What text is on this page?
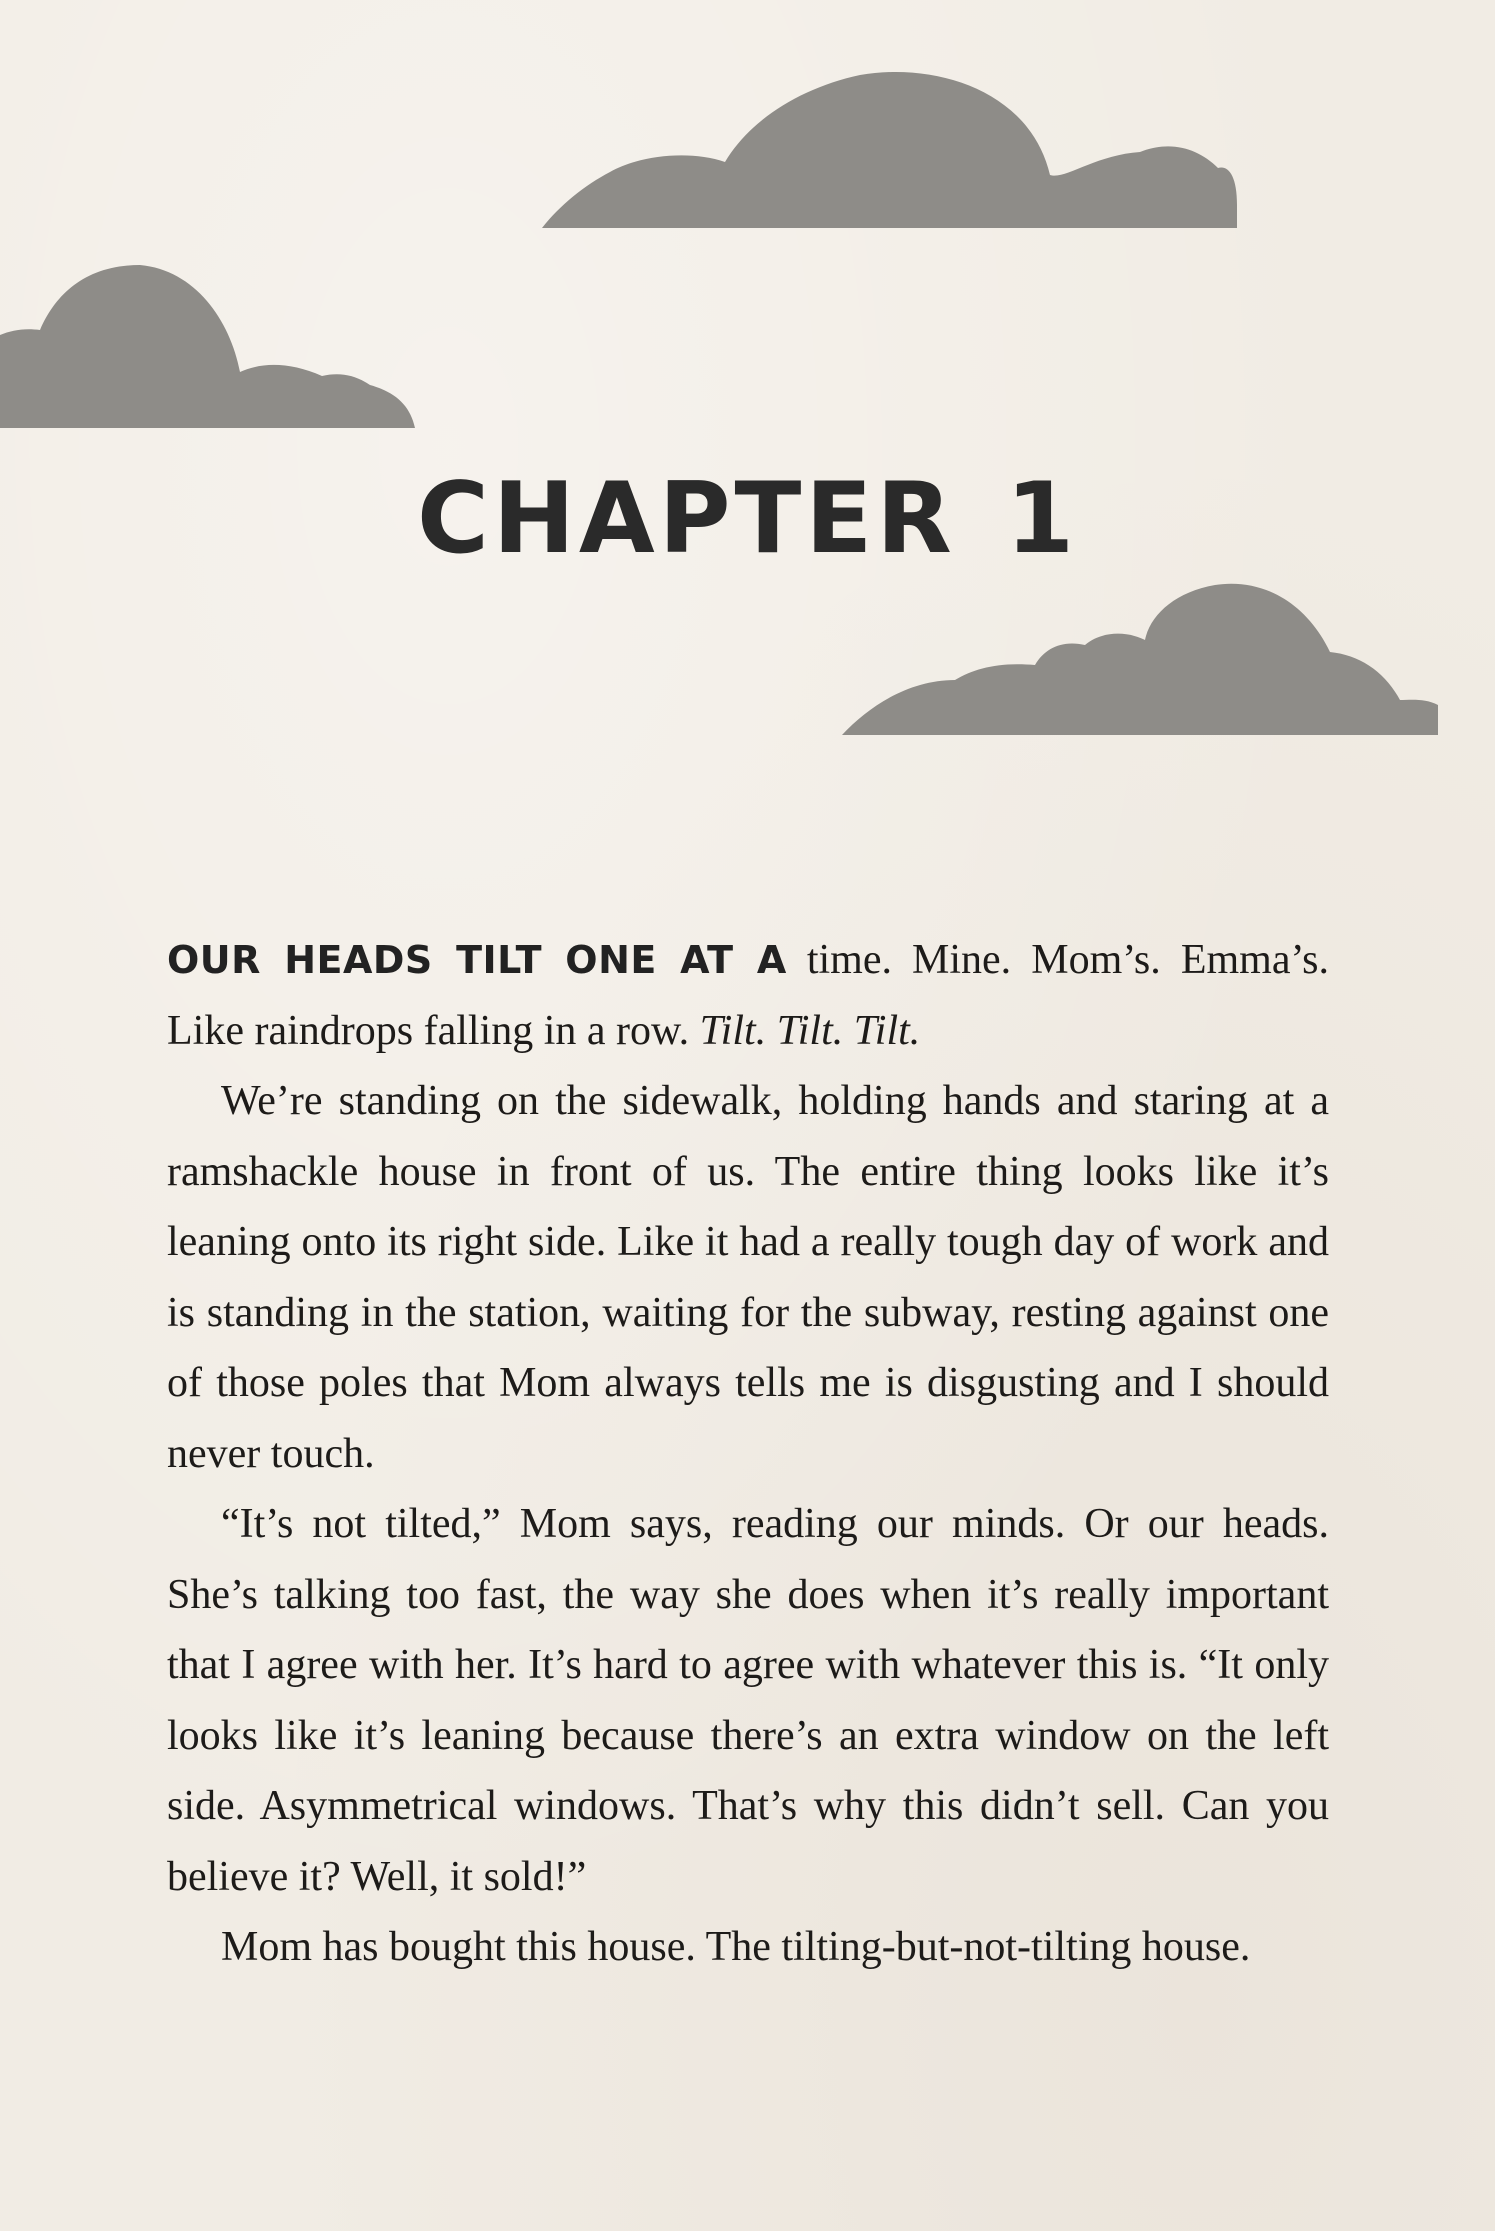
CHAPTER 1

OUR HEADS TILT ONE AT A time. Mine. Mom’s. Emma’s. Like raindrops falling in a row. Tilt. Tilt. Tilt.

We’re standing on the sidewalk, holding hands and staring at a ramshackle house in front of us. The entire thing looks like it’s leaning onto its right side. Like it had a really tough day of work and is standing in the station, waiting for the subway, resting against one of those poles that Mom always tells me is disgusting and I should never touch.

“It’s not tilted,” Mom says, reading our minds. Or our heads. She’s talking too fast, the way she does when it’s really important that I agree with her. It’s hard to agree with whatever this is. “It only looks like it’s leaning because there’s an extra window on the left side. Asymmetrical windows. That’s why this didn’t sell. Can you believe it? Well, it sold!”

Mom has bought this house. The tilting-but-not-tilting house.
